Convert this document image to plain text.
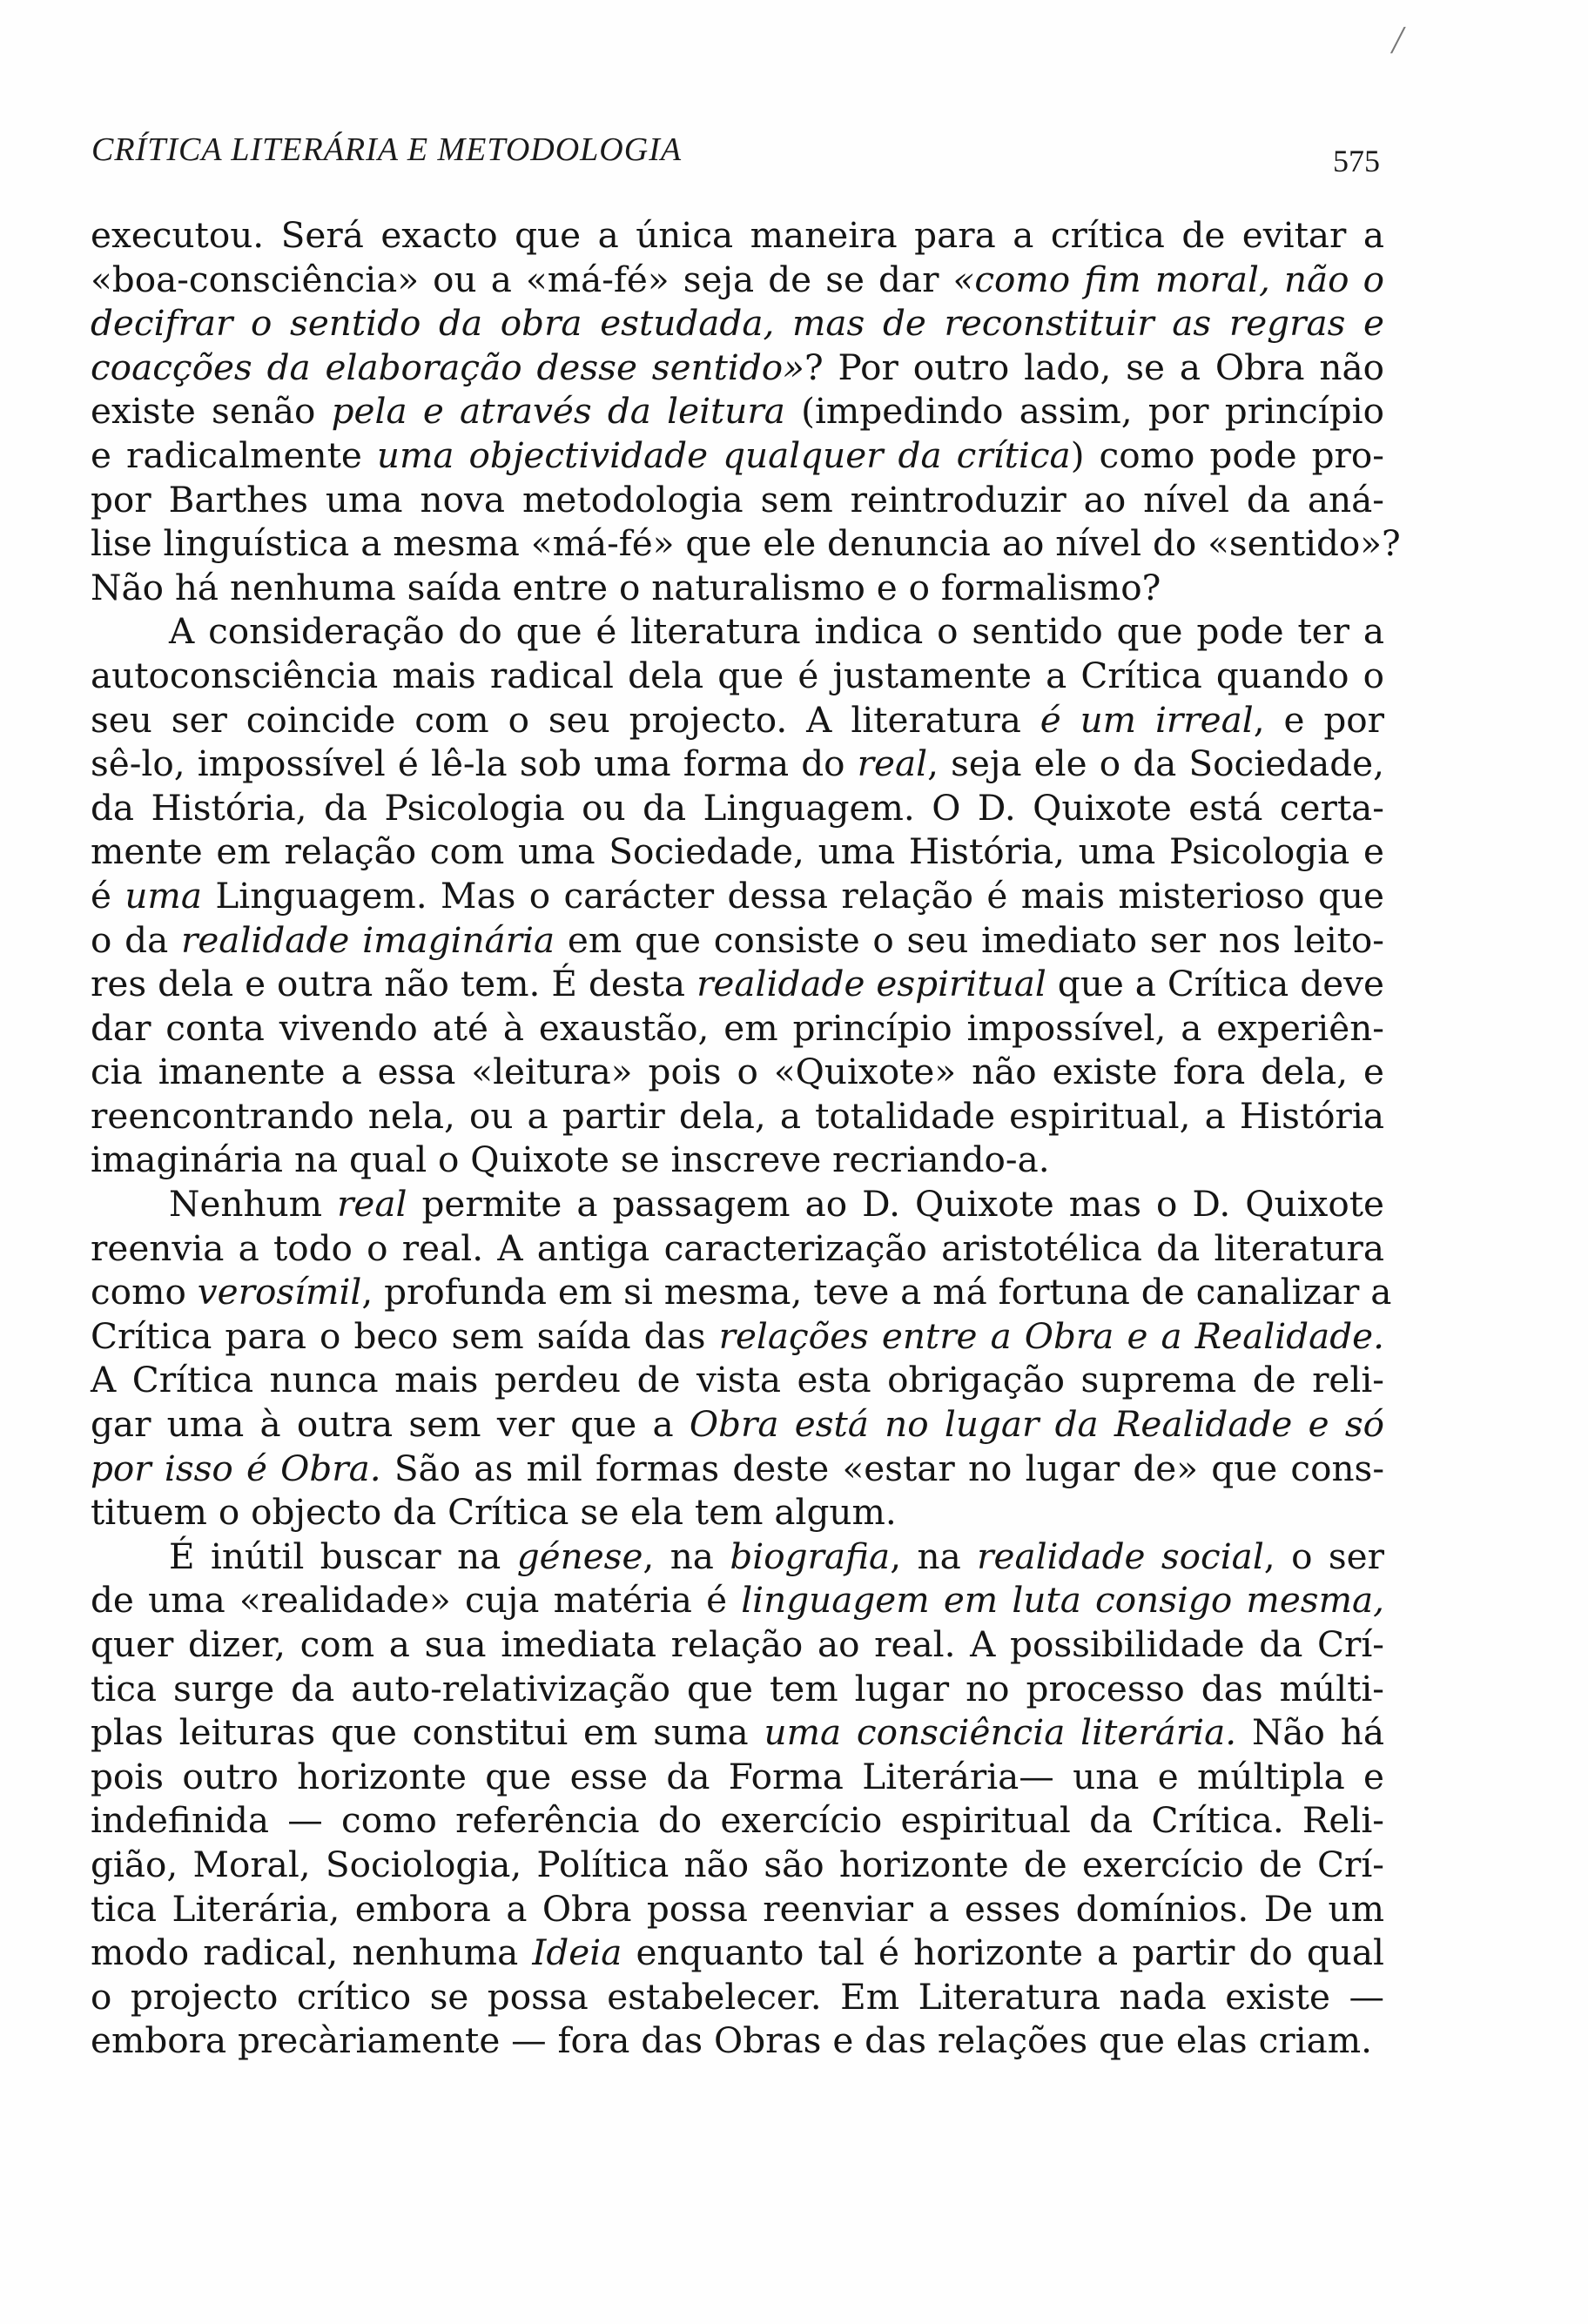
╱
CRÍTICA LITERÁRIA E METODOLOGIA	575
executou. Será exacto que a única maneira para a crítica de evitar a
«boa-consciência» ou a «má-fé» seja de se dar «como fim moral, não o
decifrar o sentido da obra estudada, mas de reconstituir as regras e
coacções da elaboração desse sentido»? Por outro lado, se a Obra não
existe senão pela e através da leitura (impedindo assim, por princípio
e radicalmente uma objectividade qualquer da crítica) como pode pro-
por Barthes uma nova metodologia sem reintroduzir ao nível da aná-
lise linguística a mesma «má-fé» que ele denuncia ao nível do «sentido»?
Não há nenhuma saída entre o naturalismo e o formalismo?
A consideração do que é literatura indica o sentido que pode ter a
autoconsciência mais radical dela que é justamente a Crítica quando o
seu ser coincide com o seu projecto. A literatura é um irreal, e por
sê-lo, impossível é lê-la sob uma forma do real, seja ele o da Sociedade,
da História, da Psicologia ou da Linguagem. O D. Quixote está certa-
mente em relação com uma Sociedade, uma História, uma Psicologia e
é uma Linguagem. Mas o carácter dessa relação é mais misterioso que
o da realidade imaginária em que consiste o seu imediato ser nos leito-
res dela e outra não tem. É desta realidade espiritual que a Crítica deve
dar conta vivendo até à exaustão, em princípio impossível, a experiên-
cia imanente a essa «leitura» pois o «Quixote» não existe fora dela, e
reencontrando nela, ou a partir dela, a totalidade espiritual, a História
imaginária na qual o Quixote se inscreve recriando-a.
Nenhum real permite a passagem ao D. Quixote mas o D. Quixote
reenvia a todo o real. A antiga caracterização aristotélica da literatura
como verosímil, profunda em si mesma, teve a má fortuna de canalizar a
Crítica para o beco sem saída das relações entre a Obra e a Realidade.
A Crítica nunca mais perdeu de vista esta obrigação suprema de reli-
gar uma à outra sem ver que a Obra está no lugar da Realidade e só
por isso é Obra. São as mil formas deste «estar no lugar de» que cons-
tituem o objecto da Crítica se ela tem algum.
É inútil buscar na génese, na biografia, na realidade social, o ser
de uma «realidade» cuja matéria é linguagem em luta consigo mesma,
quer dizer, com a sua imediata relação ao real. A possibilidade da Crí-
tica surge da auto-relativização que tem lugar no processo das múlti-
plas leituras que constitui em suma uma consciência literária. Não há
pois outro horizonte que esse da Forma Literária— una e múltipla e
indefinida — como referência do exercício espiritual da Crítica. Reli-
gião, Moral, Sociologia, Política não são horizonte de exercício de Crí-
tica Literária, embora a Obra possa reenviar a esses domínios. De um
modo radical, nenhuma Ideia enquanto tal é horizonte a partir do qual
o projecto crítico se possa estabelecer. Em Literatura nada existe —
embora precàriamente — fora das Obras e das relações que elas criam.
